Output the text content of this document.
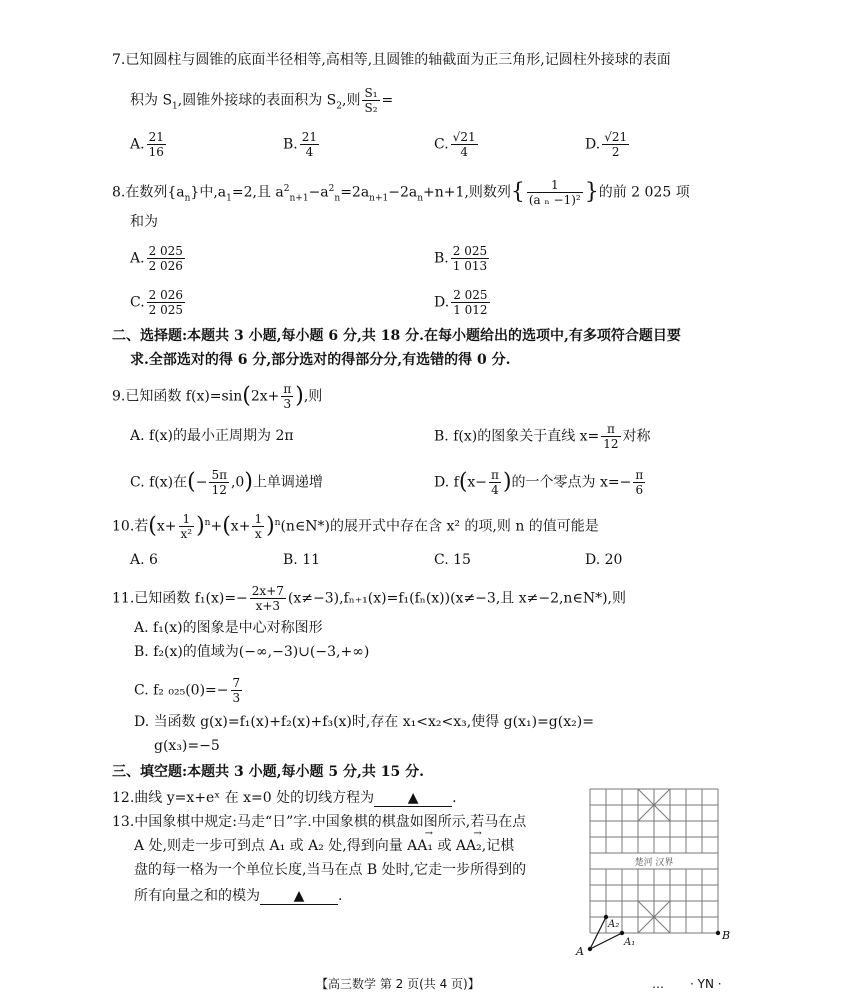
7.已知圆柱与圆锥的底面半径相等,高相等,且圆锥的轴截面为正三角形,记圆柱外接球的表面
积为 $S_1$,圆锥外接球的表面积为 $S_2$,则 $\frac{\text{S₁}}{\text{S₂}}$ =
A. $\frac{21}{16}$	B. $\frac{21}{4}$	C. $\frac{√21}{4}$	D. $\frac{√21}{2}$
8.在数列$\{a_n\}$中$,a_1=2$,且 $a^2_{n+1}-a^2_n=2a_{n+1}-2a_n+n+1$,则数列{ $\frac{1}{\text{(a ₙ −1)²}}$ }的前 2 025 项
和为
A. $\frac{2 025}{2 026}$	B. $\frac{2 025}{1 013}$
C. $\frac{2 026}{2 025}$	D. $\frac{2 025}{1 012}$
二、选择题:本题共 3 小题,每小题 6 分,共 18 分.在每小题给出的选项中,有多项符合题目要
求.全部选对的得 6 分,部分选对的得部分分,有选错的得 0 分.
9.已知函数 $f(x)=\sin(2x+ \frac{\pi}{3}$ ),则
A. f(x)的最小正周期为 2π	B. f(x)的图象关于直线 $x= \frac{\pi}{12}$ 对称
C. f(x)在(− $\frac{5\pi}{12} ,0$)上单调递增	D. $f(x- \frac{\pi}{4}$ )的一个零点为 $x=- \frac{\pi}{6}$
10.若$(x+ \frac{1}{\text{x²}} )^n+(x+ \frac{1}{x}$ )$^n(n\in N*)$的展开式中存在含 x² 的项,则 n 的值可能是
A. 6	B. 11	C. 15	D. 20
11.已知函数 $f_1(x)=- \frac{2x+7}{x+3} (x\ne-3),f_{n+1}(x)=f_1(f_n(x))(x\ne-3$,且 x≠−2,n∈N*),则
A. f₁(x)的图象是中心对称图形
B. f₂(x)的值域为(−∞,−3)∪(−3,+∞)
C. f₂ $_{025}(0)=- \frac{7}{3}$
D. 当函数 g(x)=f₁(x)+f₂(x)+f₃(x)时,存在 x₁<x₂<x₃,使得 g(x₁)=g(x₂)=
g(x₃)=−5
三、填空题:本题共 3 小题,每小题 5 分,共 15 分.
12.曲线 y=x+eˣ 在 x=0 处的切线方程为 ▲ .
13.中国象棋中规定:马走“日”字.中国象棋的棋盘如图所示,若马在点
A 处,则走一步可到点 A₁ 或 A₂ 处,得到向量
→
AA₁ 或
→
AA₂,记棋
盘的每一格为一个单位长度,当马在点 B 处时,它走一步所得到的
所有向量之和的模为 ▲ .
楚河 汉界
A
A₂
A₁
B
【高三数学 第 2 页(共 4 页)】	… · YN ·
